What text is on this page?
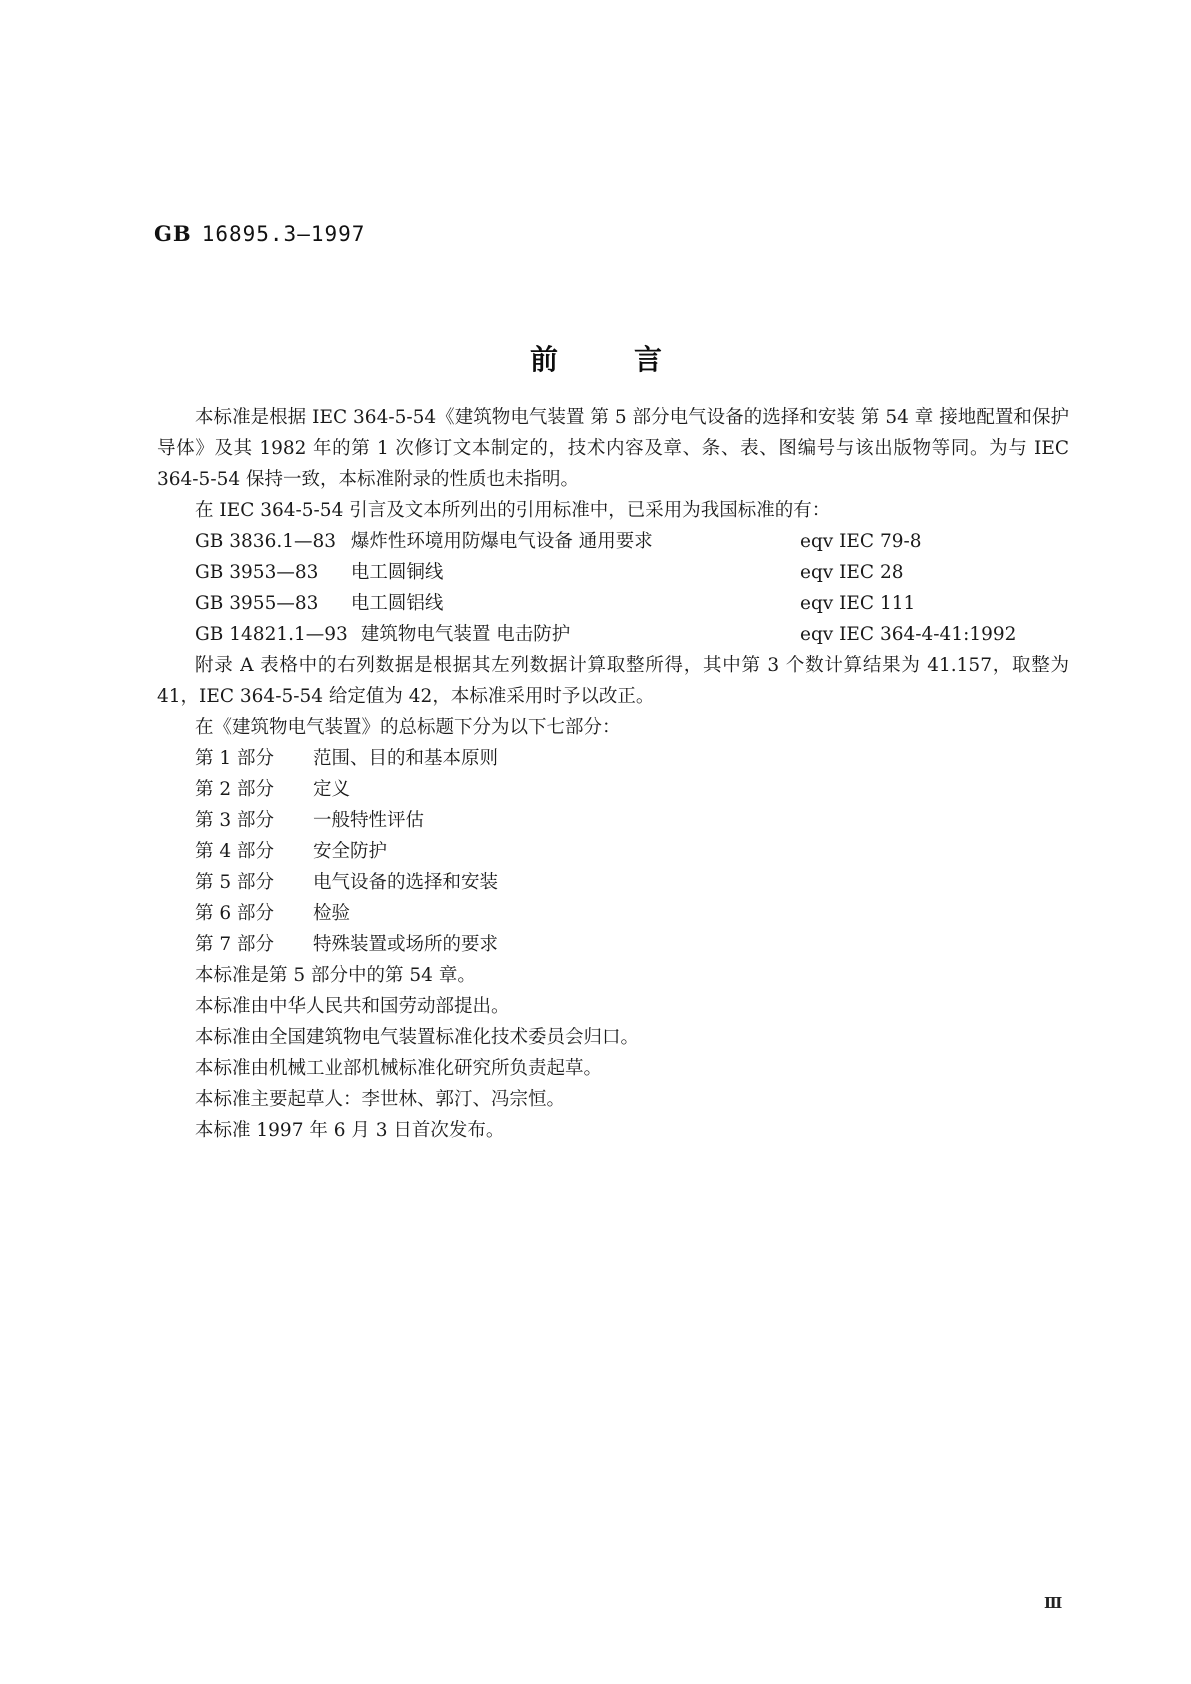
GB 16895.3—1997
前	言

本标准是根据 IEC 364-5-54《建筑物电气装置 第 5 部分电气设备的选择和安装 第 54 章 接地配置和保护导体》及其 1982 年的第 1 次修订文本制定的，技术内容及章、条、表、图编号与该出版物等同。为与 IEC 364-5-54 保持一致，本标准附录的性质也未指明。

在 IEC 364-5-54 引言及文本所列出的引用标准中，已采用为我国标准的有：

GB 3836.1—83 爆炸性环境用防爆电气设备 通用要求	eqv IEC 79-8
GB 3953—83 电工圆铜线	eqv IEC 28
GB 3955—83 电工圆铝线	eqv IEC 111
GB 14821.1—93 建筑物电气装置 电击防护	eqv IEC 364-4-41:1992

附录 A 表格中的右列数据是根据其左列数据计算取整所得，其中第 3 个数计算结果为 41.157，取整为 41，IEC 364-5-54 给定值为 42，本标准采用时予以改正。

在《建筑物电气装置》的总标题下分为以下七部分：

第 1 部分 范围、目的和基本原则
第 2 部分 定义
第 3 部分 一般特性评估
第 4 部分 安全防护
第 5 部分 电气设备的选择和安装
第 6 部分 检验
第 7 部分 特殊装置或场所的要求

本标准是第 5 部分中的第 54 章。

本标准由中华人民共和国劳动部提出。

本标准由全国建筑物电气装置标准化技术委员会归口。

本标准由机械工业部机械标准化研究所负责起草。

本标准主要起草人：李世林、郭汀、冯宗恒。

本标准 1997 年 6 月 3 日首次发布。

Ⅲ
